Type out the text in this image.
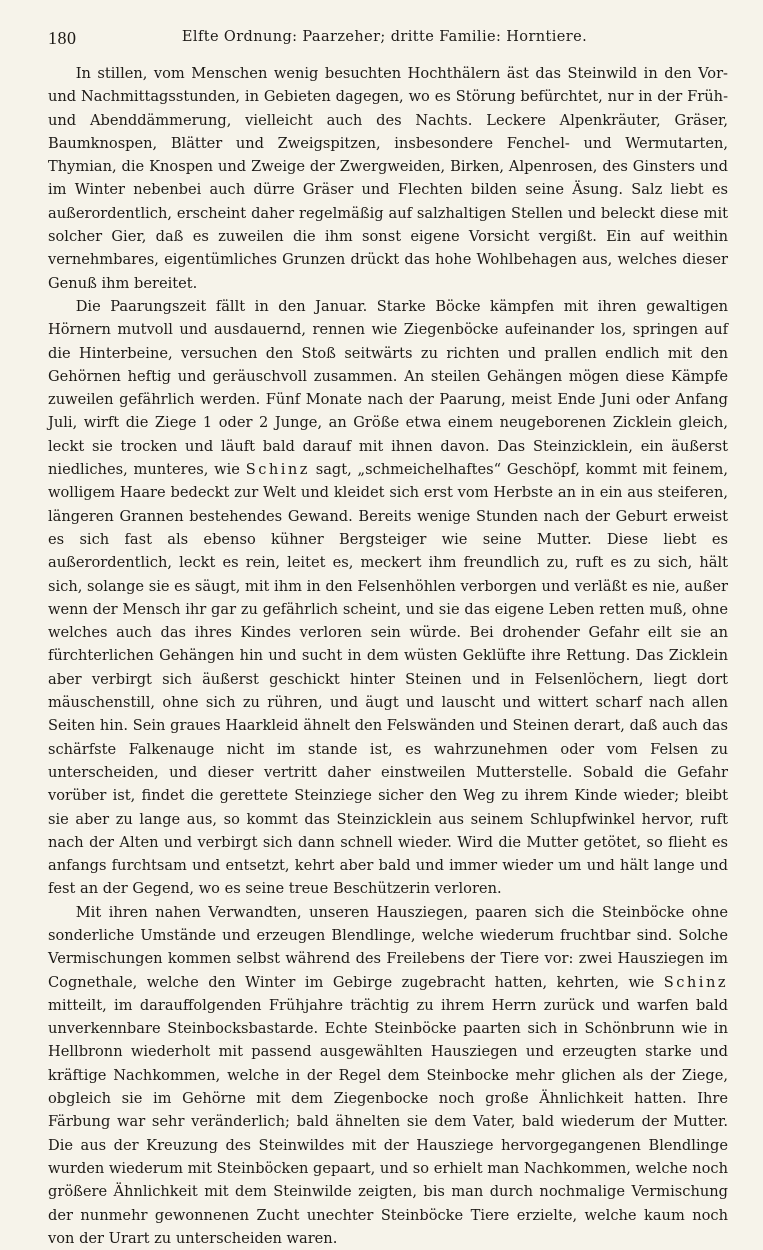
180	Elfte Ordnung: Paarzeher; dritte Familie: Horntiere.

In stillen, vom Menschen wenig besuchten Hochthälern äst das Steinwild in den Vor- und Nachmittagsstunden, in Gebieten dagegen, wo es Störung befürchtet, nur in der Früh- und Abenddämmerung, vielleicht auch des Nachts. Leckere Alpenkräuter, Gräser, Baumknospen, Blätter und Zweigspitzen, insbesondere Fenchel- und Wermutarten, Thymian, die Knospen und Zweige der Zwergweiden, Birken, Alpenrosen, des Ginsters und im Winter nebenbei auch dürre Gräser und Flechten bilden seine Äsung. Salz liebt es außerordentlich, erscheint daher regelmäßig auf salzhaltigen Stellen und beleckt diese mit solcher Gier, daß es zuweilen die ihm sonst eigene Vorsicht vergißt. Ein auf weithin vernehmbares, eigentümliches Grunzen drückt das hohe Wohlbehagen aus, welches dieser Genuß ihm bereitet.

Die Paarungszeit fällt in den Januar. Starke Böcke kämpfen mit ihren gewaltigen Hörnern mutvoll und ausdauernd, rennen wie Ziegenböcke aufeinander los, springen auf die Hinterbeine, versuchen den Stoß seitwärts zu richten und prallen endlich mit den Gehörnen heftig und geräuschvoll zusammen. An steilen Gehängen mögen diese Kämpfe zuweilen gefährlich werden. Fünf Monate nach der Paarung, meist Ende Juni oder Anfang Juli, wirft die Ziege 1 oder 2 Junge, an Größe etwa einem neugeborenen Zicklein gleich, leckt sie trocken und läuft bald darauf mit ihnen davon. Das Steinzicklein, ein äußerst niedliches, munteres, wie Schinz sagt, „schmeichelhaftes“ Geschöpf, kommt mit feinem, wolligem Haare bedeckt zur Welt und kleidet sich erst vom Herbste an in ein aus steiferen, längeren Grannen bestehendes Gewand. Bereits wenige Stunden nach der Geburt erweist es sich fast als ebenso kühner Bergsteiger wie seine Mutter. Diese liebt es außerordentlich, leckt es rein, leitet es, meckert ihm freundlich zu, ruft es zu sich, hält sich, solange sie es säugt, mit ihm in den Felsenhöhlen verborgen und verläßt es nie, außer wenn der Mensch ihr gar zu gefährlich scheint, und sie das eigene Leben retten muß, ohne welches auch das ihres Kindes verloren sein würde. Bei drohender Gefahr eilt sie an fürchterlichen Gehängen hin und sucht in dem wüsten Geklüfte ihre Rettung. Das Zicklein aber verbirgt sich äußerst geschickt hinter Steinen und in Felsenlöchern, liegt dort mäuschenstill, ohne sich zu rühren, und äugt und lauscht und wittert scharf nach allen Seiten hin. Sein graues Haarkleid ähnelt den Felswänden und Steinen derart, daß auch das schärfste Falkenauge nicht im stande ist, es wahrzunehmen oder vom Felsen zu unterscheiden, und dieser vertritt daher einstweilen Mutterstelle. Sobald die Gefahr vorüber ist, findet die gerettete Steinziege sicher den Weg zu ihrem Kinde wieder; bleibt sie aber zu lange aus, so kommt das Steinzicklein aus seinem Schlupfwinkel hervor, ruft nach der Alten und verbirgt sich dann schnell wieder. Wird die Mutter getötet, so flieht es anfangs furchtsam und entsetzt, kehrt aber bald und immer wieder um und hält lange und fest an der Gegend, wo es seine treue Beschützerin verloren.

Mit ihren nahen Verwandten, unseren Hausziegen, paaren sich die Steinböcke ohne sonderliche Umstände und erzeugen Blendlinge, welche wiederum fruchtbar sind. Solche Vermischungen kommen selbst während des Freilebens der Tiere vor: zwei Hausziegen im Cognethale, welche den Winter im Gebirge zugebracht hatten, kehrten, wie Schinz mitteilt, im darauffolgenden Frühjahre trächtig zu ihrem Herrn zurück und warfen bald unverkennbare Steinbocksbastarde. Echte Steinböcke paarten sich in Schönbrunn wie in Hellbronn wiederholt mit passend ausgewählten Hausziegen und erzeugten starke und kräftige Nachkommen, welche in der Regel dem Steinbocke mehr glichen als der Ziege, obgleich sie im Gehörne mit dem Ziegenbocke noch große Ähnlichkeit hatten. Ihre Färbung war sehr veränderlich; bald ähnelten sie dem Vater, bald wiederum der Mutter. Die aus der Kreuzung des Steinwildes mit der Hausziege hervorgegangenen Blendlinge wurden wiederum mit Steinböcken gepaart, und so erhielt man Nachkommen, welche noch größere Ähnlichkeit mit dem Steinwilde zeigten, bis man durch nochmalige Vermischung der nunmehr gewonnenen Zucht unechter Steinböcke Tiere erzielte, welche kaum noch von der Urart zu unterscheiden waren.
